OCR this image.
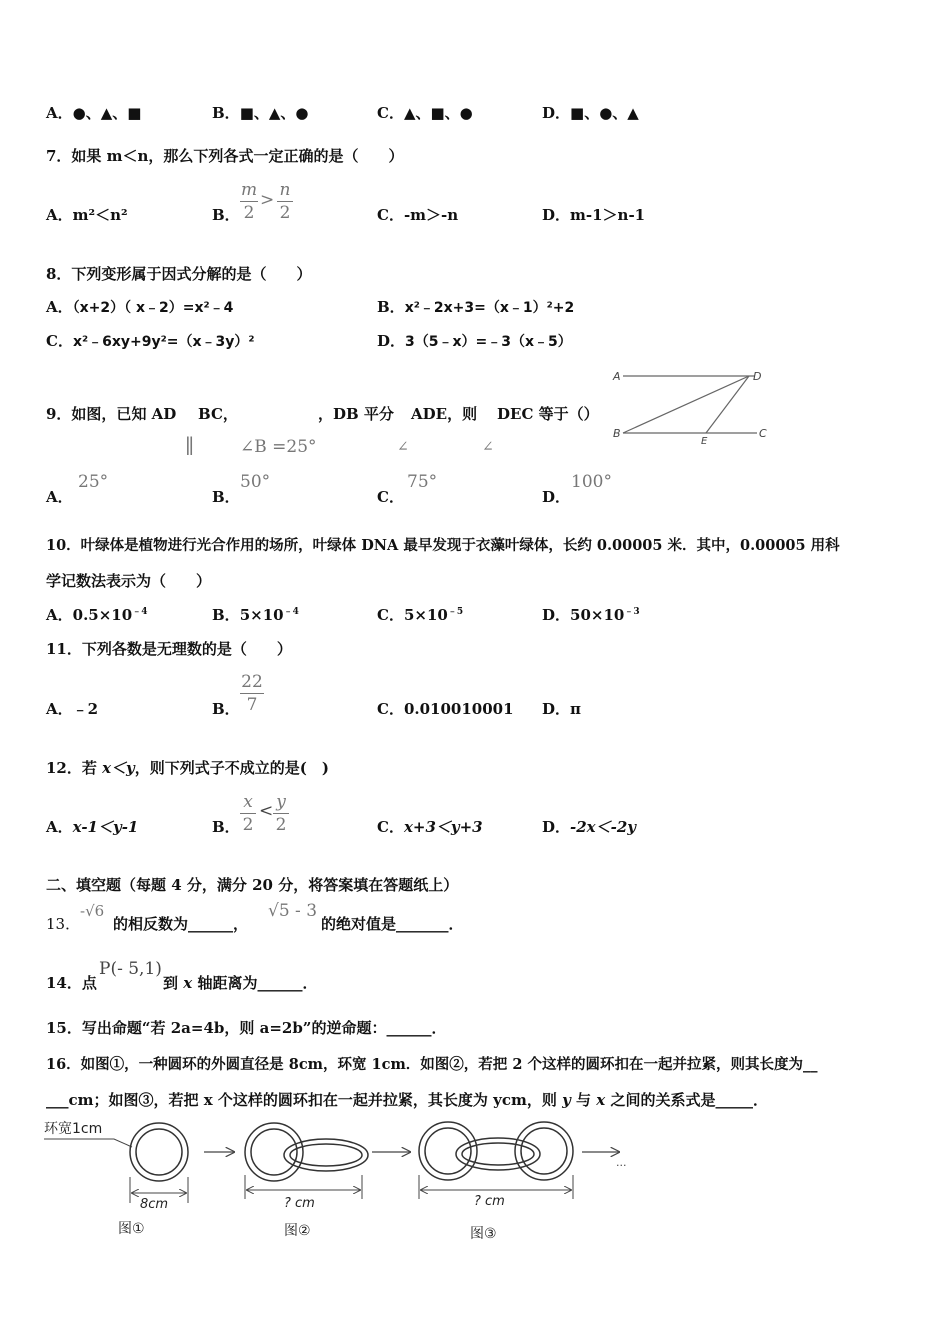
A．●、▲、■	B．■、▲、●	C．▲、■、●	D．■、●、▲
7．如果 m＜n，那么下列各式一定正确的是（　　）
A．m²＜n²	B．
m
2
> n
2	C．-m＞-n	D．m-1＞n-1
8．下列变形属于因式分解的是（　　）
A．（x+2）（ x﹣2）=x²﹣4	B．x²﹣2x+3=（x﹣1）²+2
C．x²﹣6xy+9y²=（x﹣3y）²	D．3（5﹣x）=﹣3（x﹣5）
9．如图，已知 AD BC，	，DB 平分 ADE，则 DEC 等于（）
∥	∠B =25°	∠	∠
A	D
B
E
C
A．
25°
B．
50°
C．
75°
D．
100°
10．叶绿体是植物进行光合作用的场所，叶绿体 DNA 最早发现于衣藻叶绿体，长约 0.00005 米．其中，0.00005 用科
学记数法表示为（　　）
A．$0.5\times 10^{﹣4}$	B．$5\times 10^{﹣4}$	C．$5\times 10^{﹣5}$	D．$50\times 10^{﹣3}$
11．下列各数是无理数的是（　　）
A．﹣2	B．
22
7	C．0.010010001 D．π
12．若 x＜y，则下列式子不成立的是(　)
A．x-1＜y-1	B．
x
2
< y
2	C．x+3＜y+3	D．-2x＜-2y
二、填空题（每题 4 分，满分 20 分，将答案填在答题纸上）
13．
-√6
的相反数为______，
√5 - 3
的绝对值是_______．
14．点
P(- 5,1)
到 x 轴距离为______．
15．写出命题“若 2a=4b，则 a=2b”的逆命题：______．
16．如图①，一种圆环的外圆直径是 8cm，环宽 1cm．如图②，若把 2 个这样的圆环扣在一起并拉紧，则其长度为__
___cm；如图③，若把 x 个这样的圆环扣在一起并拉紧，其长度为 ycm，则 y 与 x 之间的关系式是_____．
环宽1cm
8cm
图①
? cm
图②
? cm
图③
...
